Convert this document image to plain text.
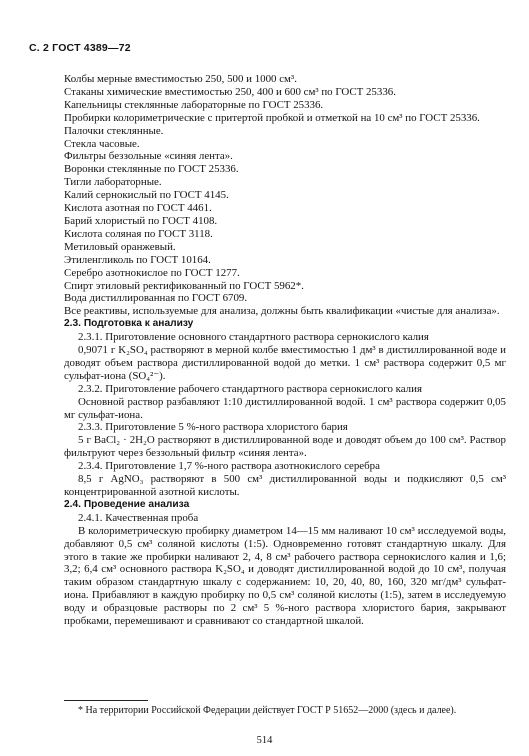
С. 2 ГОСТ 4389—72

Колбы мерные вместимостью 250, 500 и 1000 см³.

Стаканы химические вместимостью 250, 400 и 600 см³ по ГОСТ 25336.

Капельницы стеклянные лабораторные по ГОСТ 25336.

Пробирки колориметрические с притертой пробкой и отметкой на 10 см³ по ГОСТ 25336.

Палочки стеклянные.

Стекла часовые.

Фильтры беззольные «синяя лента».

Воронки стеклянные по ГОСТ 25336.

Тигли лабораторные.

Калий сернокислый по ГОСТ 4145.

Кислота азотная по ГОСТ 4461.

Барий хлористый по ГОСТ 4108.

Кислота соляная по ГОСТ 3118.

Метиловый оранжевый.

Этиленгликоль по ГОСТ 10164.

Серебро азотнокислое по ГОСТ 1277.

Спирт этиловый ректификованный по ГОСТ 5962*.

Вода дистиллированная по ГОСТ 6709.

Все реактивы, используемые для анализа, должны быть квалификации «чистые для анализа».

2.3. Подготовка к анализу

2.3.1. Приготовление основного стандартного раствора сернокислого калия

0,9071 г K₂SO₄ растворяют в мерной колбе вместимостью 1 дм³ в дистиллированной воде и доводят объем раствора дистиллированной водой до метки. 1 см³ раствора содержит 0,5 мг сульфат-иона (SO₄²⁻).

2.3.2. Приготовление рабочего стандартного раствора сернокислого калия

Основной раствор разбавляют 1:10 дистиллированной водой. 1 см³ раствора содержит 0,05 мг сульфат-иона.

2.3.3. Приготовление 5 %-ного раствора хлористого бария

5 г BaCl₂ · 2H₂O растворяют в дистиллированной воде и доводят объем до 100 см³. Раствор фильтруют через беззольный фильтр «синяя лента».

2.3.4. Приготовление 1,7 %-ного раствора азотнокислого серебра

8,5 г AgNO₃ растворяют в 500 см³ дистиллированной воды и подкисляют 0,5 см³ концентрированной азотной кислоты.

2.4. Проведение анализа

2.4.1. Качественная проба

В колориметрическую пробирку диаметром 14—15 мм наливают 10 см³ исследуемой воды, добавляют 0,5 см³ соляной кислоты (1:5). Одновременно готовят стандартную шкалу. Для этого в такие же пробирки наливают 2, 4, 8 см³ рабочего раствора сернокислого калия и 1,6; 3,2; 6,4 см³ основного раствора K₂SO₄ и доводят дистиллированной водой до 10 см³, получая таким образом стандартную шкалу с содержанием: 10, 20, 40, 80, 160, 320 мг/дм³ сульфат-иона. Прибавляют в каждую пробирку по 0,5 см³ соляной кислоты (1:5), затем в исследуемую воду и образцовые растворы по 2 см³ 5 %-ного раствора хлористого бария, закрывают пробками, перемешивают и сравнивают со стандартной шкалой.

* На территории Российской Федерации действует ГОСТ Р 51652—2000 (здесь и далее).
514
